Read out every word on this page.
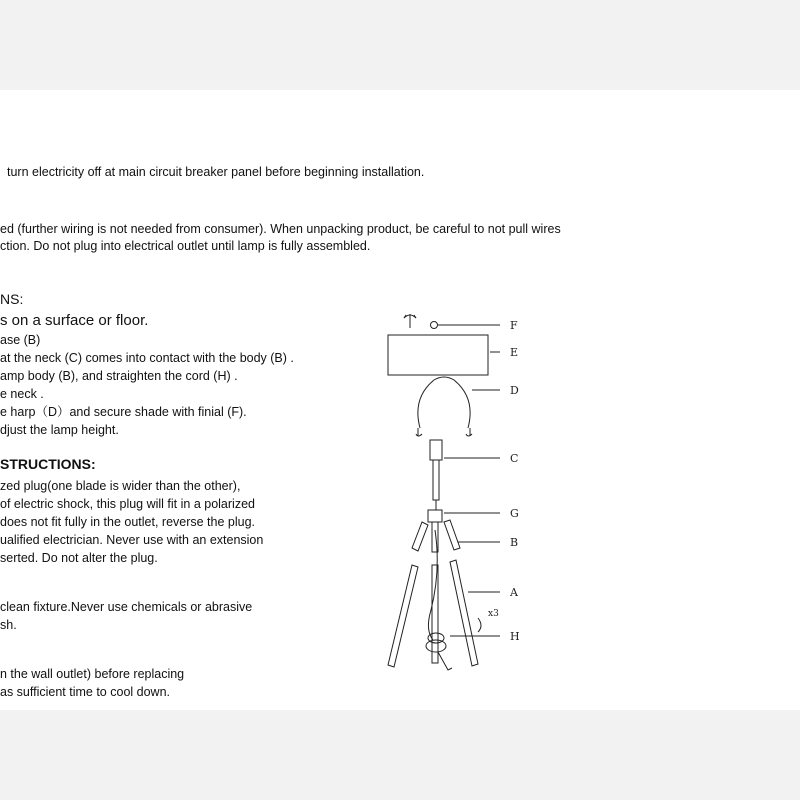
turn electricity off at main circuit breaker panel before beginning installation.
ed (further wiring is not needed from consumer). When unpacking product, be careful to not pull wires
ction. Do not plug into electrical outlet until lamp is fully assembled.
NS:
s on a surface or floor.
ase (B)
at the neck (C) comes into contact with the body (B) .
amp body (B), and straighten the cord (H) .
e neck .
e harp（D）and secure shade with finial (F).
djust the lamp height.
STRUCTIONS:
zed plug(one blade is wider than the other),
of electric shock, this plug will fit in a polarized
does not fit fully in the outlet, reverse the plug.
ualified electrician. Never use with an extension
serted. Do not alter the plug.
clean fixture.Never use chemicals or abrasive
sh.
n the wall outlet) before replacing
as sufficient time to cool down.
F
E
D
C
G
B
A
x3
H
